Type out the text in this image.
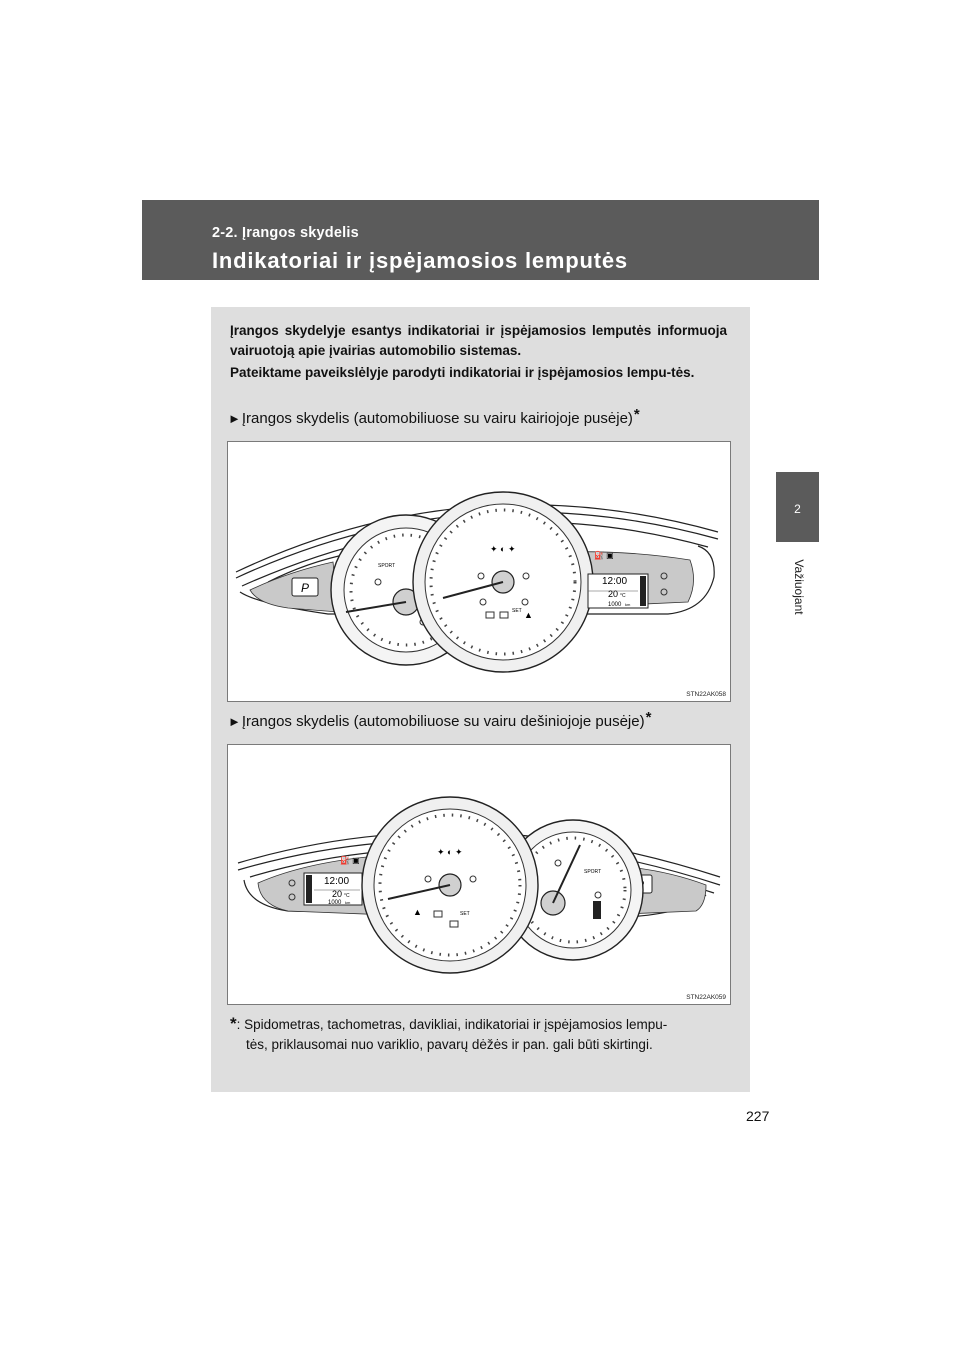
2-2. Įrangos skydelis
Indikatoriai ir įspėjamosios lemputės
2
Važiuojant

Įrangos skydelyje esantys indikatoriai ir įspėjamosios lemputės informuoja vairuotoją apie įvairias automobilio sistemas.

Pateiktame paveikslėlyje parodyti indikatoriai ir įspėjamosios lempu-tės.

►Įrangos skydelis (automobiliuose su vairu kairiojoje pusėje)*
P
SPORT
✦ ◐ ✦
SET ▲
12:00
20 °C
1000 km
⛽ ▣
STN22AK058
►Įrangos skydelis (automobiliuose su vairu dešiniojoje pusėje)*
12:00
20 °C
1000 km
⛽ ▣
SPORT
✦ ◐ ✦
▲	SET
STN22AK059
*: Spidometras, tachometras, davikliai, indikatoriai ir įspėjamosios lempu-
tės, priklausomai nuo variklio, pavarų dėžės ir pan. gali būti skirtingi.
227
